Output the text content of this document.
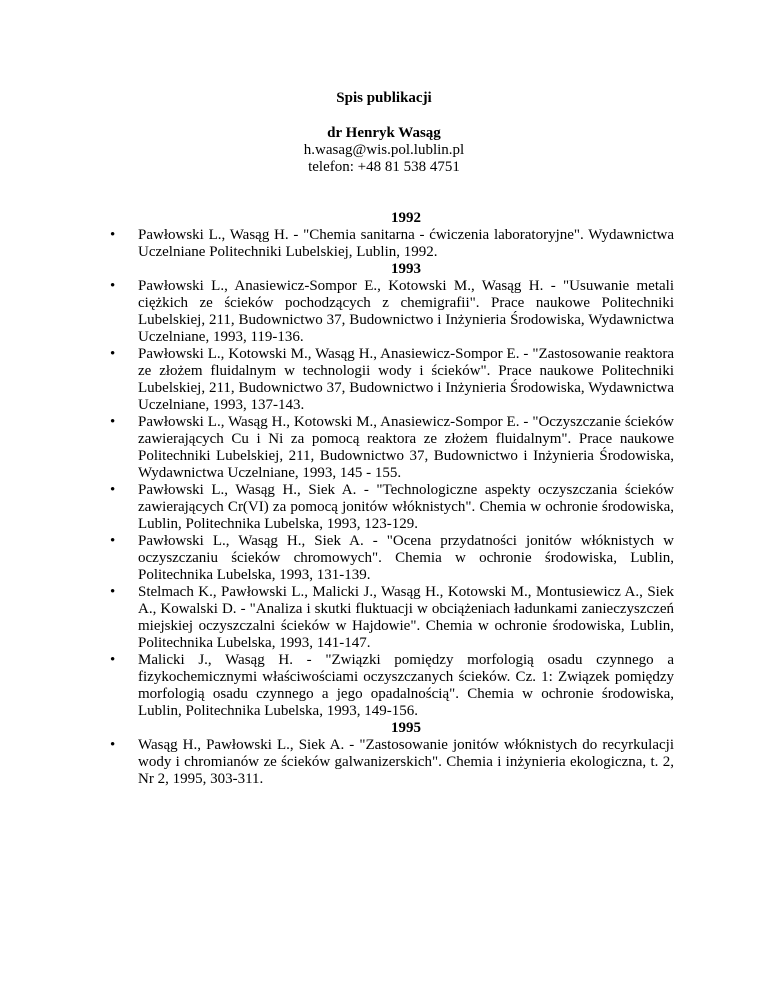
Spis publikacji
dr Henryk Wasąg
h.wasag@wis.pol.lublin.pl
telefon: +48 81 538 4751
1992
• Pawłowski L., Wasąg H. - "Chemia sanitarna - ćwiczenia laboratoryjne". Wydawnictwa Uczelniane Politechniki Lubelskiej, Lublin, 1992.
1993
• Pawłowski L., Anasiewicz-Sompor E., Kotowski M., Wasąg H. - "Usuwanie metali ciężkich ze ścieków pochodzących z chemigrafii". Prace naukowe Politechniki Lubelskiej, 211, Budownictwo 37, Budownictwo i Inżynieria Środowiska, Wydawnictwa Uczelniane, 1993, 119-136.
• Pawłowski L., Kotowski M., Wasąg H., Anasiewicz-Sompor E. - "Zastosowanie reaktora ze złożem fluidalnym w technologii wody i ścieków". Prace naukowe Politechniki Lubelskiej, 211, Budownictwo 37, Budownictwo i Inżynieria Środowiska, Wydawnictwa Uczelniane, 1993, 137-143.
• Pawłowski L., Wasąg H., Kotowski M., Anasiewicz-Sompor E. - "Oczyszczanie ścieków zawierających Cu i Ni za pomocą reaktora ze złożem fluidalnym". Prace naukowe Politechniki Lubelskiej, 211, Budownictwo 37, Budownictwo i Inżynieria Środowiska, Wydawnictwa Uczelniane, 1993, 145 - 155.
• Pawłowski L., Wasąg H., Siek A. - "Technologiczne aspekty oczyszczania ścieków zawierających Cr(VI) za pomocą jonitów włóknistych". Chemia w ochronie środowiska, Lublin, Politechnika Lubelska, 1993, 123-129.
• Pawłowski L., Wasąg H., Siek A. - "Ocena przydatności jonitów włóknistych w oczyszczaniu ścieków chromowych". Chemia w ochronie środowiska, Lublin, Politechnika Lubelska, 1993, 131-139.
• Stelmach K., Pawłowski L., Malicki J., Wasąg H., Kotowski M., Montusiewicz A., Siek A., Kowalski D. - "Analiza i skutki fluktuacji w obciążeniach ładunkami zanieczyszczeń miejskiej oczyszczalni ścieków w Hajdowie". Chemia w ochronie środowiska, Lublin, Politechnika Lubelska, 1993, 141-147.
• Malicki J., Wasąg H. - "Związki pomiędzy morfologią osadu czynnego a fizykochemicznymi właściwościami oczyszczanych ścieków. Cz. 1: Związek pomiędzy morfologią osadu czynnego a jego opadalnością". Chemia w ochronie środowiska, Lublin, Politechnika Lubelska, 1993, 149-156.
1995
• Wasąg H., Pawłowski L., Siek A. - "Zastosowanie jonitów włóknistych do recyrkulacji wody i chromianów ze ścieków galwanizerskich". Chemia i inżynieria ekologiczna, t. 2, Nr 2, 1995, 303-311.
